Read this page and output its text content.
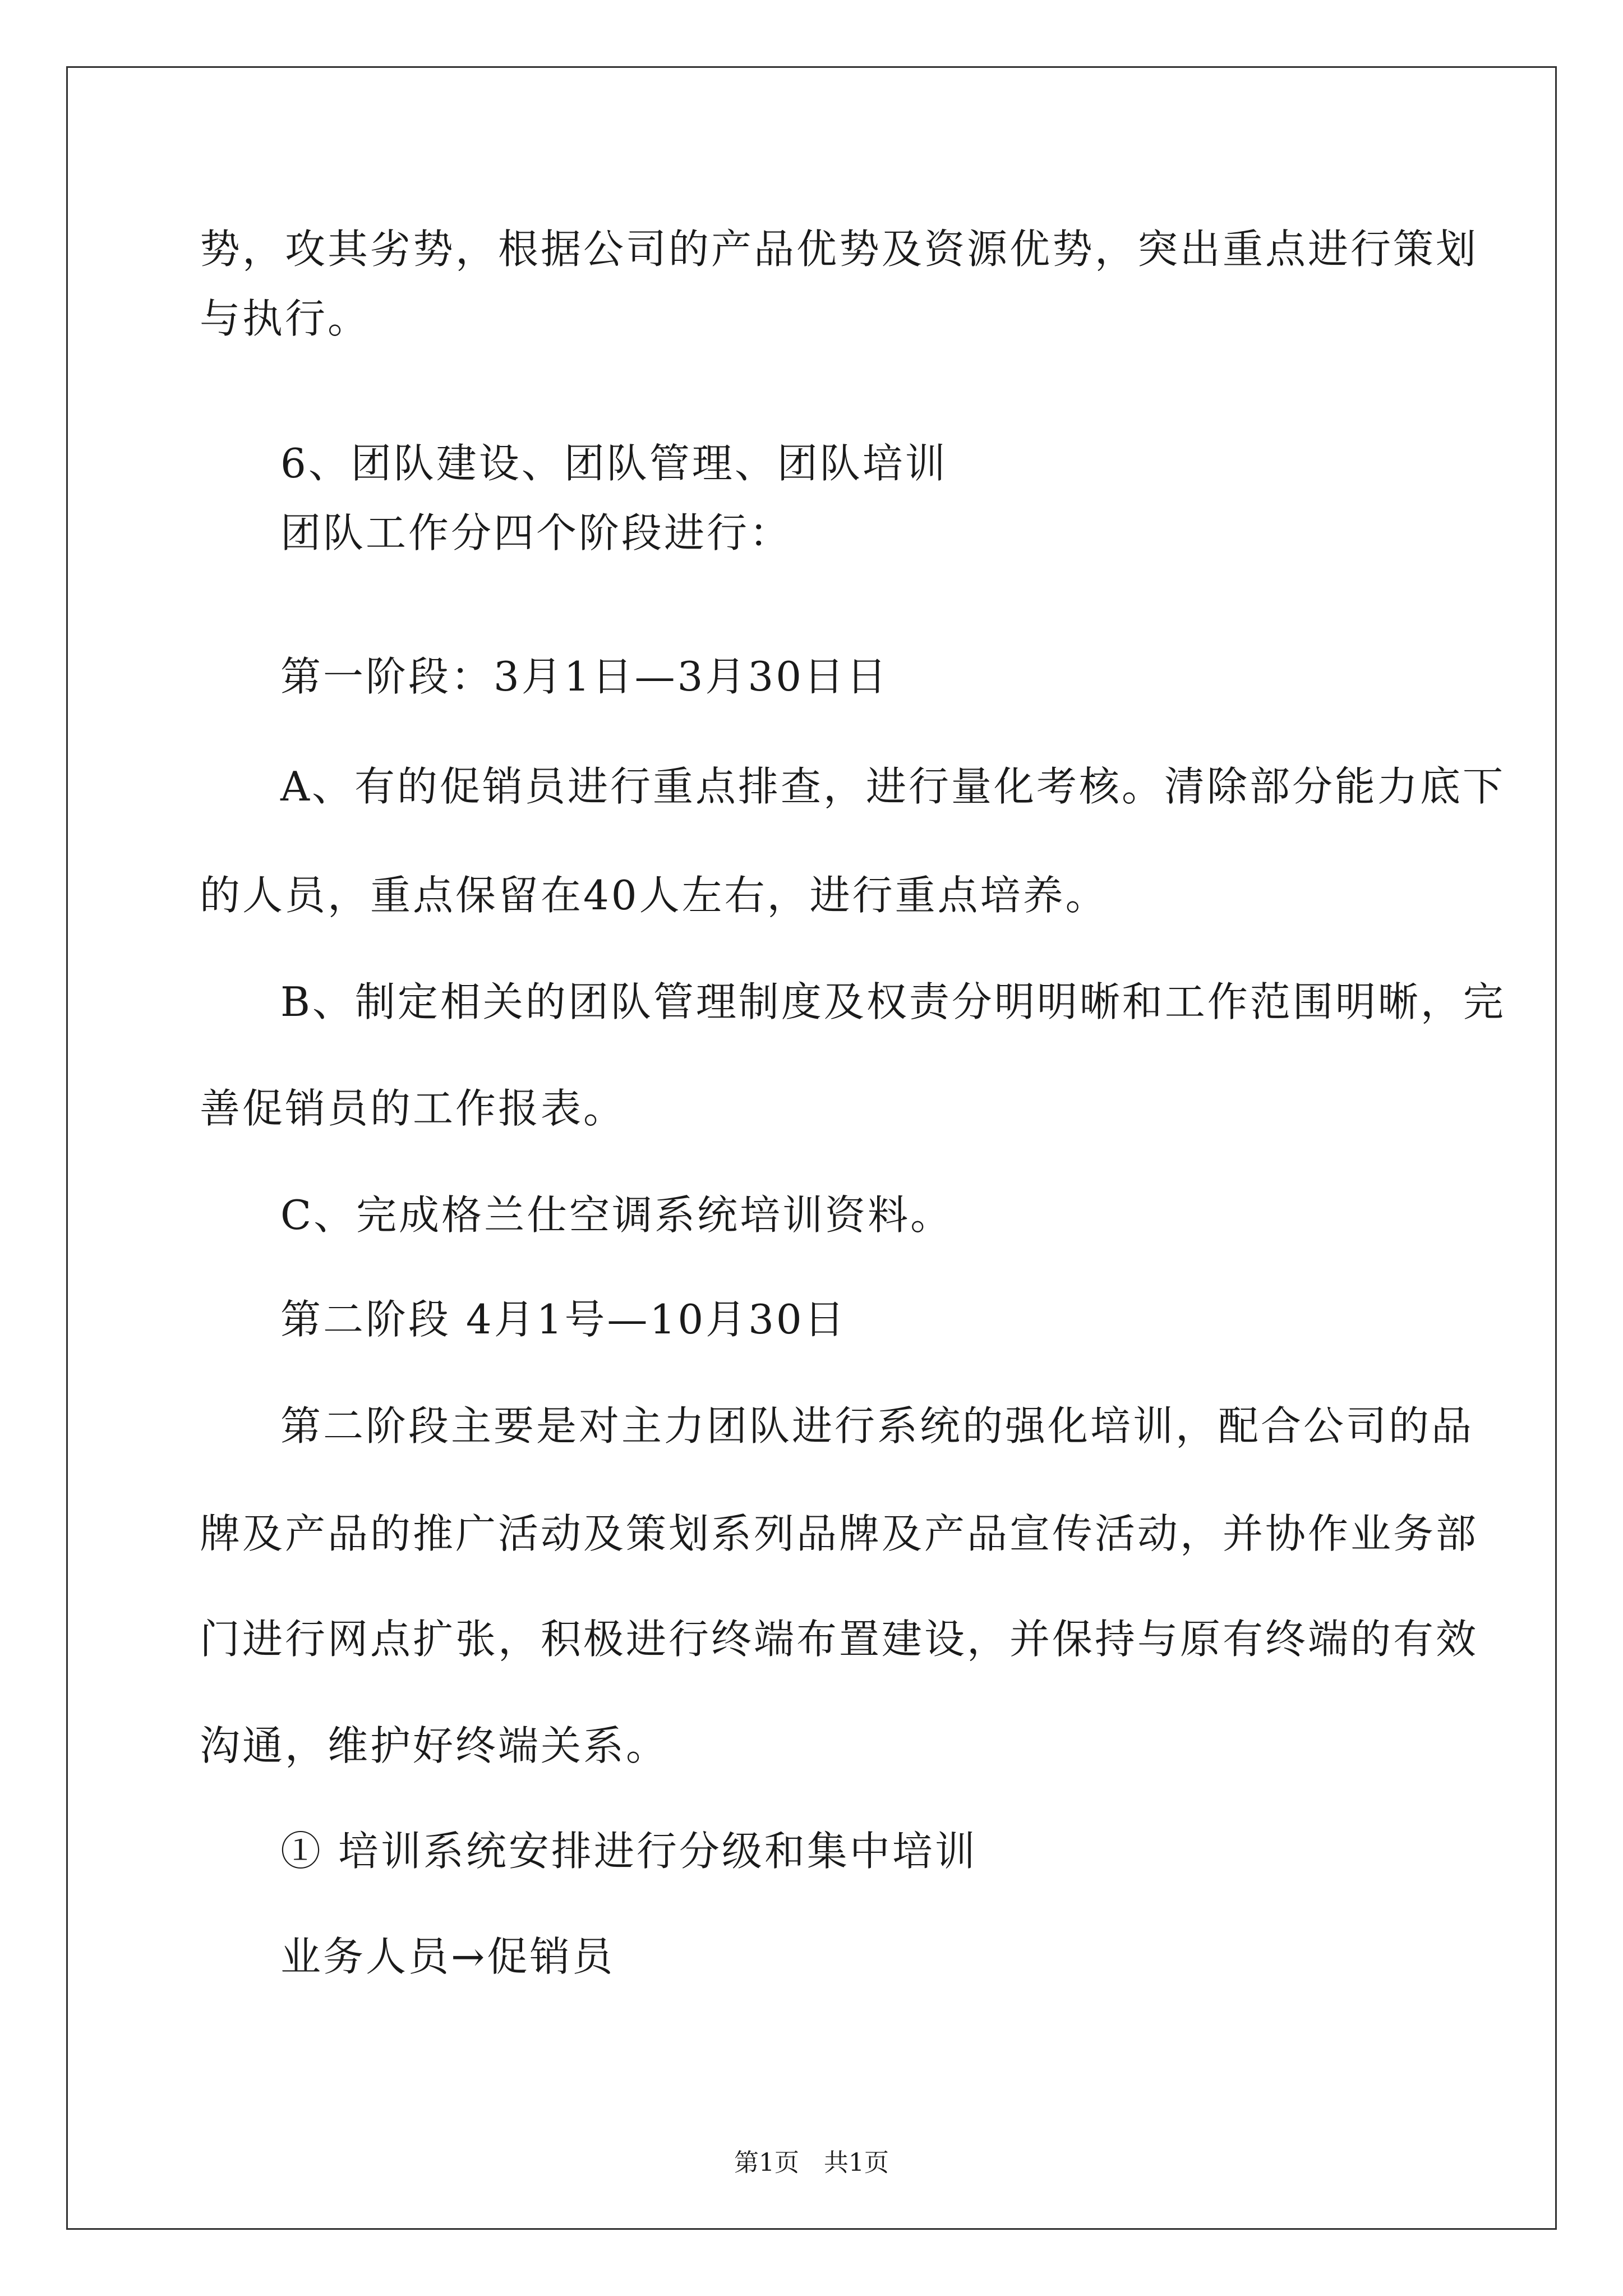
势，攻其劣势，根据公司的产品优势及资源优势，突出重点进行策划

与执行。

6、团队建设、团队管理、团队培训

团队工作分四个阶段进行：

第一阶段：3月1日—3月30日日

A、有的促销员进行重点排查，进行量化考核。清除部分能力底下

的人员，重点保留在40人左右，进行重点培养。

B、制定相关的团队管理制度及权责分明明晰和工作范围明晰，完

善促销员的工作报表。

C、完成格兰仕空调系统培训资料。

第二阶段 4月1号—10月30日

第二阶段主要是对主力团队进行系统的强化培训，配合公司的品

牌及产品的推广活动及策划系列品牌及产品宣传活动，并协作业务部

门进行网点扩张，积极进行终端布置建设，并保持与原有终端的有效

沟通，维护好终端关系。

① 培训系统安排进行分级和集中培训

业务人员→促销员

第1页　共1页
